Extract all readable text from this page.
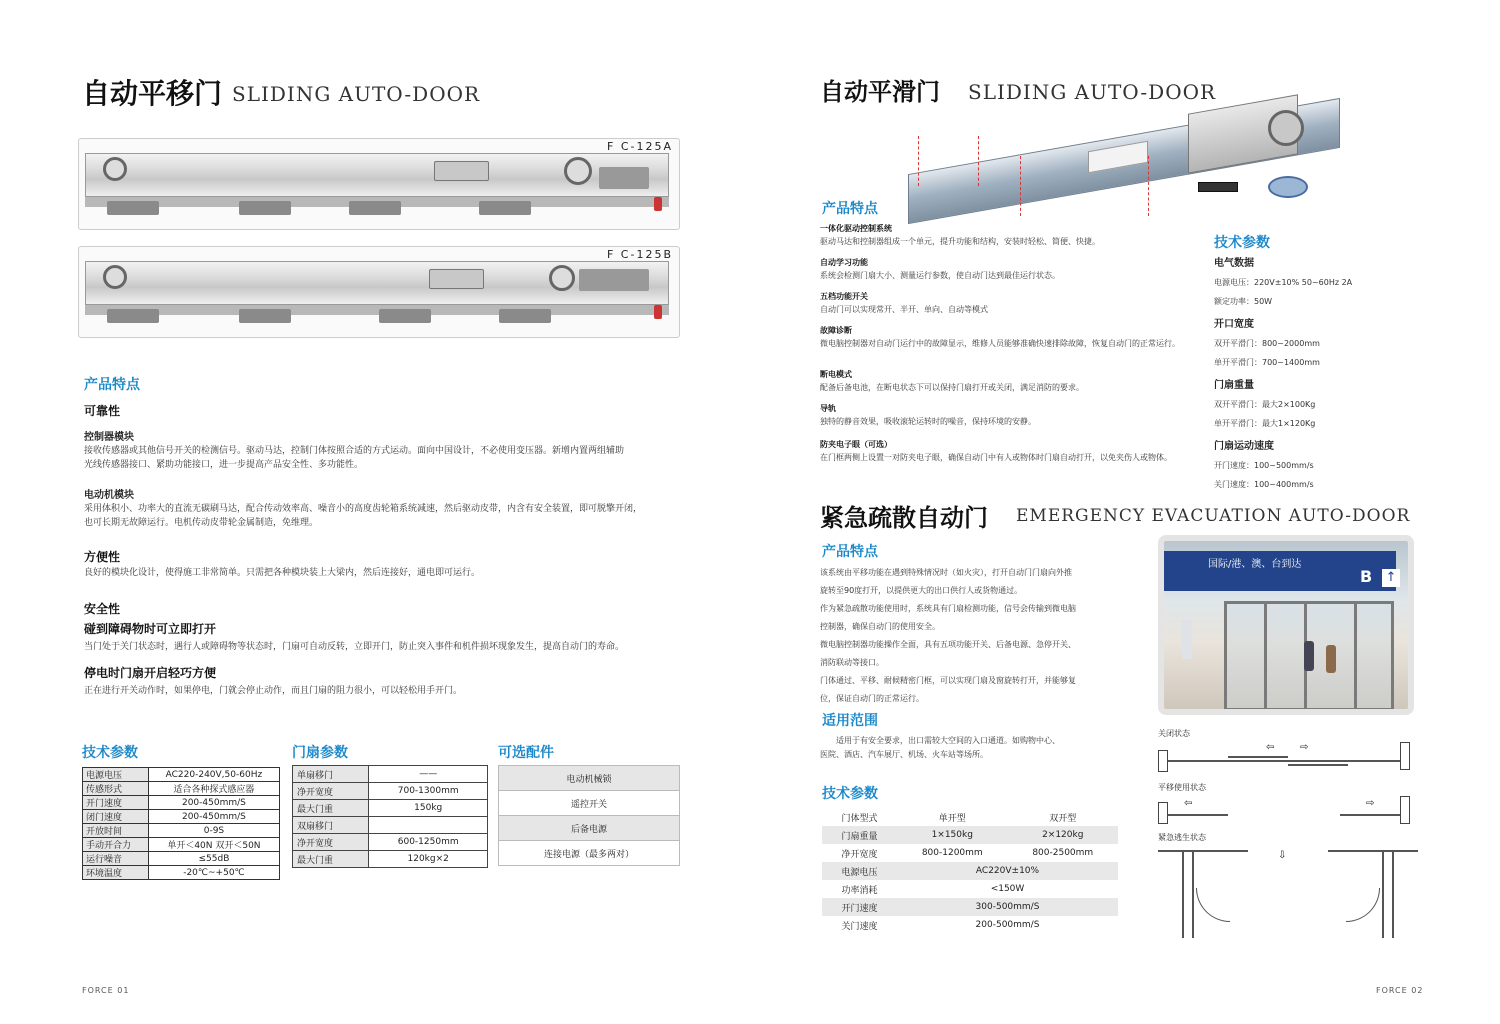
自动平移门 SLIDING AUTO-DOOR
F C-125A
F C-125B
产品特点
可靠性
控制器模块
接收传感器或其他信号开关的检测信号。驱动马达，控制门体按照合适的方式运动。面向中国设计，不必使用变压器。新增内置两组辅助
光线传感器接口、紧助功能接口，进一步提高产品安全性、多功能性。
电动机模块
采用体积小、功率大的直流无碳刷马达，配合传动效率高、噪音小的高度齿轮箱系统减速，然后驱动皮带，内含有安全装置，即可脱擎开闭，
也可长期无故障运行。电机传动皮带轮金属制造，免维理。
方便性
良好的模块化设计，使得施工非常简单。只需把各种模块装上大梁内，然后连接好，通电即可运行。
安全性
碰到障碍物时可立即打开
当门处于关门状态时，遇行人或障碍物等状态时，门扇可自动反转，立即开门，防止突入事件和机件损坏现象发生，提高自动门的寿命。
停电时门扇开启轻巧方便
正在进行开关动作时，如果停电，门就会停止动作，而且门扇的阻力很小，可以轻松用手开门。
技术参数	门扇参数	可选配件
电源电压	AC220-240V,50-60Hz
传感形式	适合各种探式感应器
开门速度	200-450mm/S
闭门速度	200-450mm/S
开放时间	0-9S
手动开合力	单开＜40N 双开＜50N
运行噪音	≤55dB
环境温度	-20℃~+50℃
单扇移门	——
净开宽度	700-1300mm
最大门重	150kg
双扇移门	
净开宽度	600-1250mm
最大门重	120kg×2
电动机械锁
遥控开关
后备电源
连接电源（最多两对）
FORCE 01
自动平滑门 SLIDING AUTO-DOOR
产品特点
一体化驱动控制系统
驱动马达和控制器组成一个单元，提升功能和结构，安装时轻松、简便、快捷。
自动学习功能
系统会检测门扇大小、测量运行参数，使自动门达到最佳运行状态。
五档功能开关
自动门可以实现常开、半开、单向、自动等模式
故障诊断
微电脑控制器对自动门运行中的故障显示，维修人员能够准确快速排除故障，恢复自动门的正常运行。
断电模式
配备后备电池，在断电状态下可以保持门扇打开或关闭，满足消防的要求。
导轨
独特的静音效果，吸收滚轮运转时的噪音，保持环境的安静。
防夹电子眼（可选）
在门框两侧上设置一对防夹电子眼，确保自动门中有人或物体时门扇自动打开，以免夹伤人或物体。
技术参数
电气数据
电源电压：220V±10% 50~60Hz 2A
额定功率：50W
开口宽度
双开平滑门：800~2000mm
单开平滑门：700~1400mm
门扇重量
双开平滑门：最大2×100Kg
单开平滑门：最大1×120Kg
门扇运动速度
开门速度：100~500mm/s
关门速度：100~400mm/s
紧急疏散自动门 EMERGENCY EVACUATION AUTO-DOOR
产品特点
该系统由平移功能在遇到特殊情况时（如火灾），打开自动门门扇向外推
旋转至90度打开，以提供更大的出口供行人或货物通过。
作为紧急疏散功能使用时，系统具有门扇检测功能，信号会传输到微电脑
控制器，确保自动门的使用安全。
微电脑控制器功能操作全面，具有五项功能开关、后备电源、急停开关、
消防联动等接口。
门体通过、平移、耐候精密门框，可以实现门扇及窗旋转打开，并能够复
位，保证自动门的正常运行。
国际/港、澳、台到达
B ↑
适用范围
适用于有安全要求，出口需较大空间的入口通道。如购物中心、
医院、酒店、汽车展厅、机场、火车站等场所。
技术参数
门体型式	单开型	双开型
门扇重量	1×150kg	2×120kg
净开宽度	800-1200mm	800-2500mm
电源电压	AC220V±10%	
功率消耗	<150W	
开门速度	300-500mm/S	
关门速度	200-500mm/S	
关闭状态
⇦	⇨
平移使用状态
⇦	⇨
紧急逃生状态
⇩
FORCE 02
